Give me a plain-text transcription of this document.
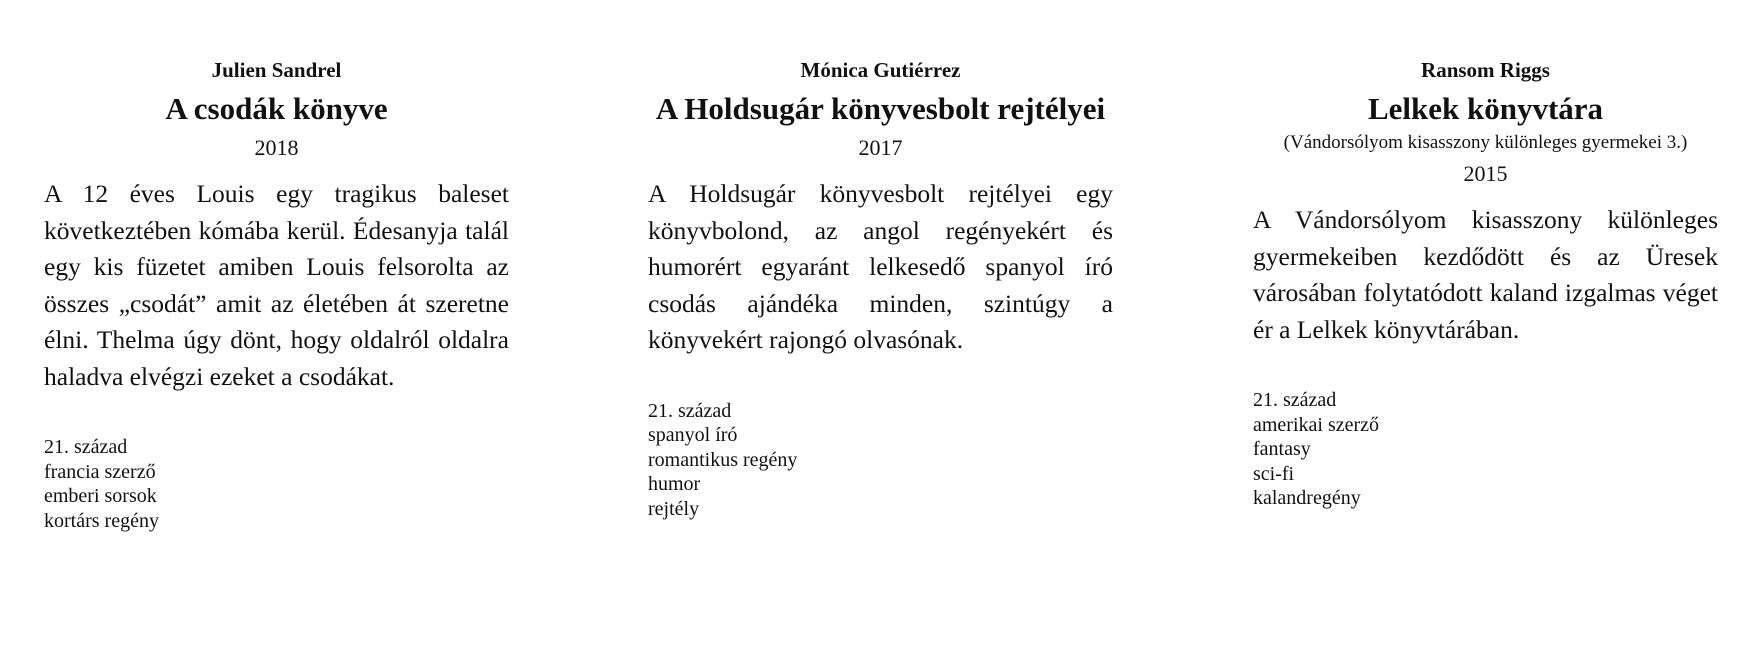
Julien Sandrel

A csodák könyve

2018

A 12 éves Louis egy tragikus baleset következtében kómába kerül. Édesanyja talál egy kis füzetet amiben Louis felsorolta az összes „csodát” amit az életében át szeretne élni. Thelma úgy dönt, hogy oldalról oldalra haladva elvégzi ezeket a csodákat.

21. század
francia szerző
emberi sorsok
kortárs regény

Mónica Gutiérrez

A Holdsugár könyvesbolt rejtélyei

2017

A Holdsugár könyvesbolt rejtélyei egy könyvbolond, az angol regényekért és humorért egyaránt lelkesedő spanyol író csodás ajándéka minden, szintúgy a könyvekért rajongó olvasónak.

21. század
spanyol író
romantikus regény
humor
rejtély

Ransom Riggs

Lelkek könyvtára

(Vándorsólyom kisasszony különleges gyermekei 3.)

2015

A Vándorsólyom kisasszony különleges gyermekeiben kezdődött és az Üresek városában folytatódott kaland izgalmas véget ér a Lelkek könyvtárában.

21. század
amerikai szerző
fantasy
sci-fi
kalandregény
